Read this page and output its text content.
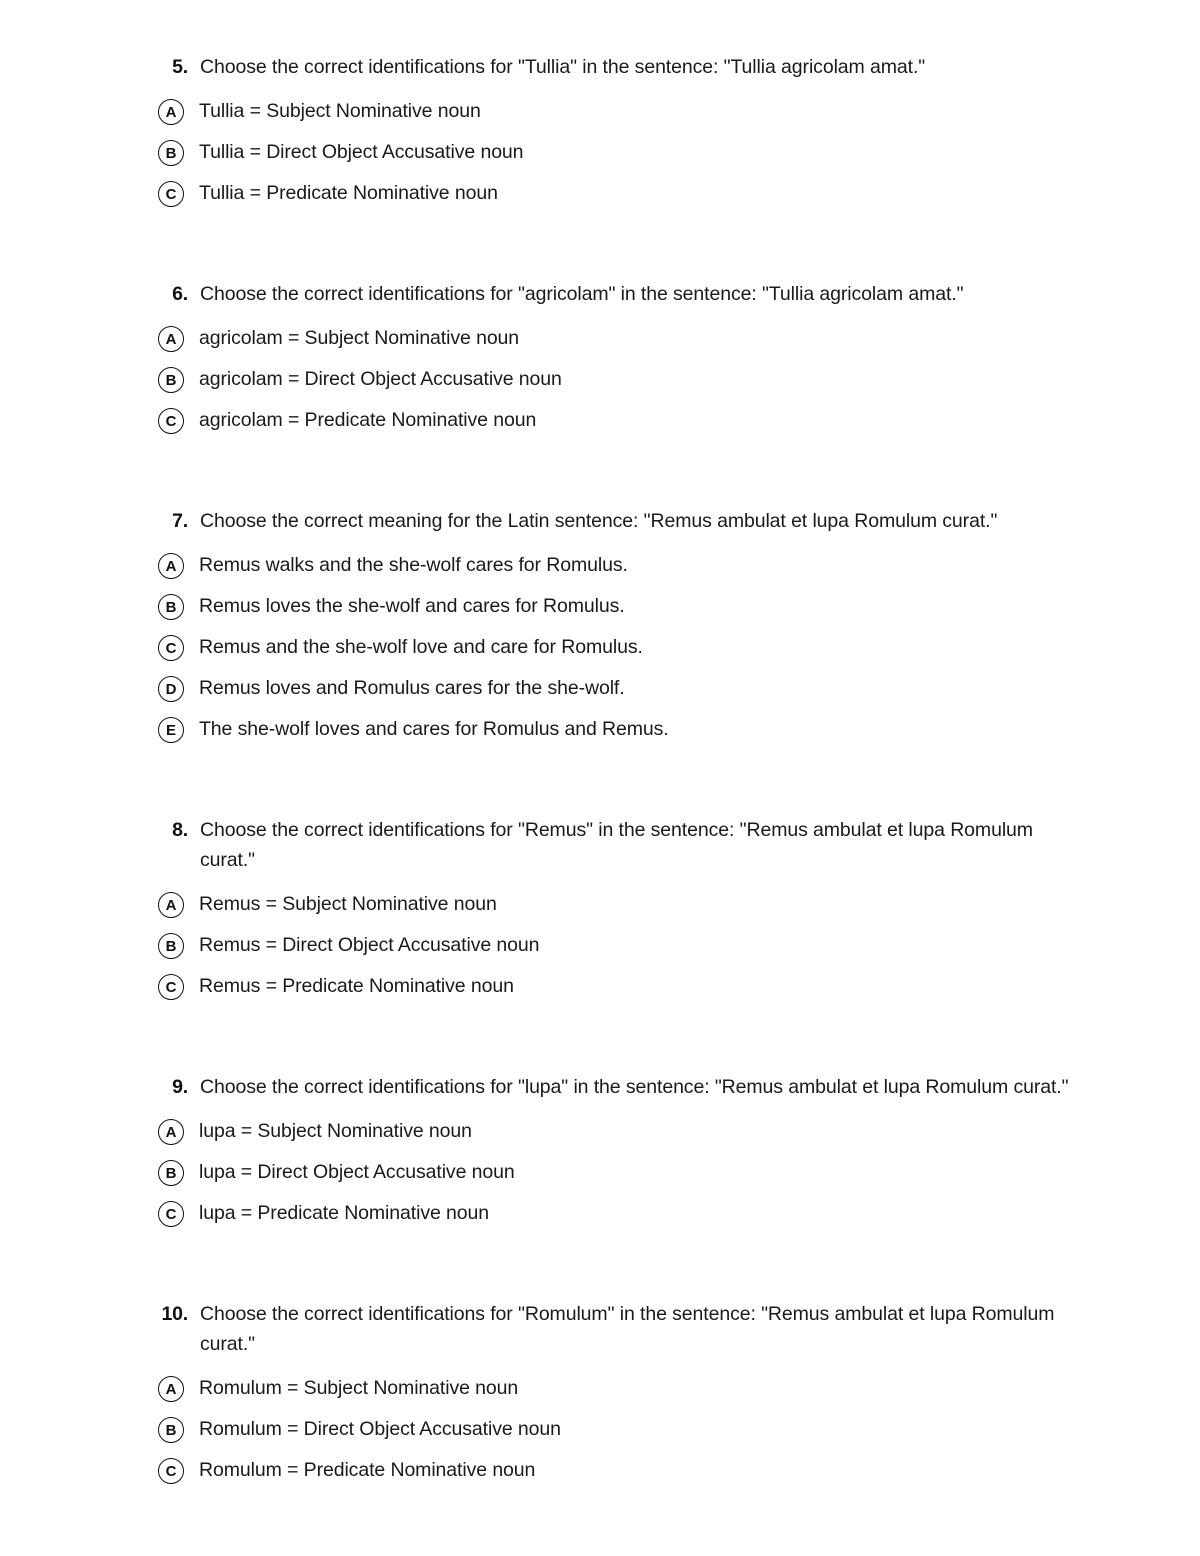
5. Choose the correct identifications for "Tullia" in the sentence: "Tullia agricolam amat."
A	Tullia = Subject Nominative noun
B	Tullia = Direct Object Accusative noun
C	Tullia = Predicate Nominative noun
6. Choose the correct identifications for "agricolam" in the sentence: "Tullia agricolam amat."
A	agricolam = Subject Nominative noun
B	agricolam = Direct Object Accusative noun
C	agricolam = Predicate Nominative noun
7. Choose the correct meaning for the Latin sentence: "Remus ambulat et lupa Romulum curat."
A	Remus walks and the she-wolf cares for Romulus.
B	Remus loves the she-wolf and cares for Romulus.
C	Remus and the she-wolf love and care for Romulus.
D	Remus loves and Romulus cares for the she-wolf.
E	The she-wolf loves and cares for Romulus and Remus.
8. Choose the correct identifications for "Remus" in the sentence: "Remus ambulat et lupa Romulum curat."
A	Remus = Subject Nominative noun
B	Remus = Direct Object Accusative noun
C	Remus = Predicate Nominative noun
9. Choose the correct identifications for "lupa" in the sentence: "Remus ambulat et lupa Romulum curat."
A	lupa = Subject Nominative noun
B	lupa = Direct Object Accusative noun
C	lupa = Predicate Nominative noun
10. Choose the correct identifications for "Romulum" in the sentence: "Remus ambulat et lupa Romulum curat."
A	Romulum = Subject Nominative noun
B	Romulum = Direct Object Accusative noun
C	Romulum = Predicate Nominative noun
